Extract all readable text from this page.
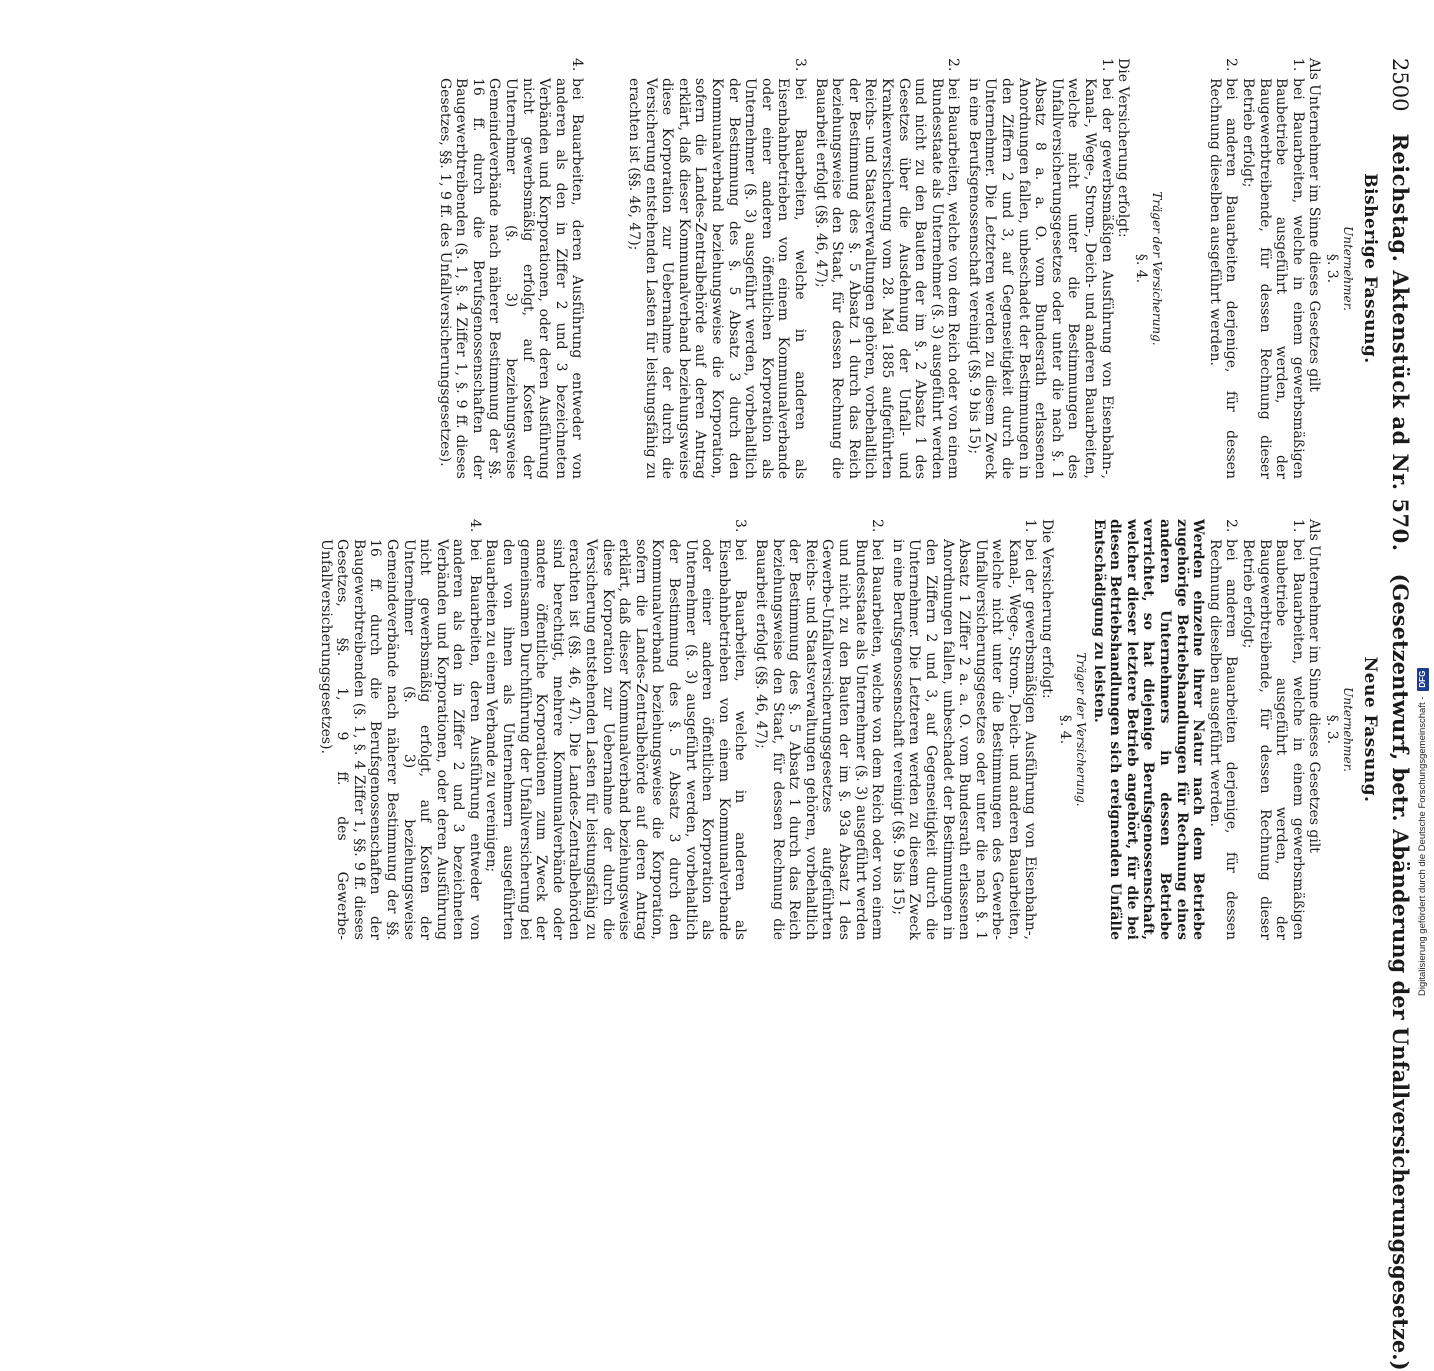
2500
Reichstag. Aktenstück ad Nr. 570.
(Gesetzentwurf, betr. Abänderung der Unfallversicherungsgesetze.)
Bisherige Fassung.
Unternehmer.
§. 3.

Als Unternehmer im Sinne dieses Gesetzes gilt

1.
bei Bauarbeiten, welche in einem gewerbsmäßigen Baubetriebe ausgeführt werden, der Baugewerbtreibende, für dessen Rechnung dieser Betrieb erfolgt;
2.
bei anderen Bauarbeiten derjenige, für dessen Rechnung dieselben ausgeführt werden.
Träger der Versicherung.
§. 4.

Die Versicherung erfolgt:

1.
bei der gewerbsmäßigen Ausführung von Eisenbahn-, Kanal-, Wege-, Strom-, Deich- und anderen Bauarbeiten, welche nicht unter die Bestimmungen des Unfallversicherungsgesetzes oder unter die nach §. 1 Absatz 8 a. a. O. vom Bundesrath erlassenen Anordnungen fallen, unbeschadet der Bestimmungen in den Ziffern 2 und 3, auf Gegenseitigkeit durch die Unternehmer. Die Letzteren werden zu diesem Zweck in eine Berufsgenossenschaft vereinigt (§§. 9 bis 15);
2.
bei Bauarbeiten, welche von dem Reich oder von einem Bundesstaate als Unternehmer (§. 3) ausgeführt werden und nicht zu den Bauten der im §. 2 Absatz 1 des Gesetzes über die Ausdehnung der Unfall- und Krankenversicherung vom 28. Mai 1885 aufgeführten Reichs- und Staatsverwaltungen gehören, vorbehaltlich der Bestimmung des §. 5 Absatz 1 durch das Reich beziehungsweise den Staat, für dessen Rechnung die Bauarbeit erfolgt (§§. 46, 47);
3.
bei Bauarbeiten, welche in anderen als Eisenbahnbetrieben von einem Kommunalverbande oder einer anderen öffentlichen Korporation als Unternehmer (§. 3) ausgeführt werden, vorbehaltlich der Bestimmung des §. 5 Absatz 3 durch den Kommunalverband beziehungsweise die Korporation, sofern die Landes-Zentralbehörde auf deren Antrag erklärt, daß dieser Kommunalverband beziehungsweise diese Korporation zur Uebernahme der durch die Versicherung entstehenden Lasten für leistungsfähig zu erachten ist (§§. 46, 47);
4.
bei Bauarbeiten, deren Ausführung entweder von anderen als den in Ziffer 2 und 3 bezeichneten Verbänden und Korporationen, oder deren Ausführung nicht gewerbsmäßig erfolgt, auf Kosten der Unternehmer (§. 3) beziehungsweise Gemeindeverbände nach näherer Bestimmung der §§. 16 ff. durch die Berufsgenossenschaften der Baugewerbtreibenden (§. 1, §. 4 Ziffer 1, §. 9 ff. dieses Gesetzes, §§. 1, 9 ff. des Unfallversicherungsgesetzes).
Neue Fassung.
Unternehmer.
§. 3.

Als Unternehmer im Sinne dieses Gesetzes gilt

1.
bei Bauarbeiten, welche in einem gewerbsmäßigen Baubetriebe ausgeführt werden, der Baugewerbtreibende, für dessen Rechnung dieser Betrieb erfolgt;
2.
bei anderen Bauarbeiten derjenige, für dessen Rechnung dieselben ausgeführt werden.

Werden einzelne ihrer Natur nach dem Betriebe zugehörige Betriebshandlungen für Rechnung eines anderen Unternehmers in dessen Betriebe verrichtet, so hat diejenige Berufsgenossenschaft, welcher dieser letztere Betrieb angehört, für die bei diesen Betriebshandlungen sich ereignenden Unfälle Entschädigung zu leisten.

Träger der Versicherung.
§. 4.

Die Versicherung erfolgt:

1.
bei der gewerbsmäßigen Ausführung von Eisenbahn-, Kanal-, Wege-, Strom-, Deich- und anderen Bauarbeiten, welche nicht unter die Bestimmungen des Gewerbe-Unfallversicherungsgesetzes oder unter die nach §. 1 Absatz 1 Ziffer 2 a. a. O. vom Bundesrath erlassenen Anordnungen fallen, unbeschadet der Bestimmungen in den Ziffern 2 und 3, auf Gegenseitigkeit durch die Unternehmer. Die Letzteren werden zu diesem Zweck in eine Berufsgenossenschaft vereinigt (§§. 9 bis 15);
2.
bei Bauarbeiten, welche von dem Reich oder von einem Bundesstaate als Unternehmer (§. 3) ausgeführt werden und nicht zu den Bauten der im §. 93a Absatz 1 des Gewerbe-Unfallversicherungsgesetzes aufgeführten Reichs- und Staatsverwaltungen gehören, vorbehaltlich der Bestimmung des §. 5 Absatz 1 durch das Reich beziehungsweise den Staat, für dessen Rechnung die Bauarbeit erfolgt (§§. 46, 47);
3.
bei Bauarbeiten, welche in anderen als Eisenbahnbetrieben von einem Kommunalverbande oder einer anderen öffentlichen Korporation als Unternehmer (§. 3) ausgeführt werden, vorbehaltlich der Bestimmung des §. 5 Absatz 3 durch den Kommunalverband beziehungsweise die Korporation, sofern die Landes-Zentralbehörde auf deren Antrag erklärt, daß dieser Kommunalverband beziehungsweise diese Korporation zur Uebernahme der durch die Versicherung entstehenden Lasten für leistungsfähig zu erachten ist (§§. 46, 47). Die Landes-Zentralbehörden sind berechtigt, mehrere Kommunalverbände oder andere öffentliche Korporationen zum Zweck der gemeinsamen Durchführung der Unfallversicherung bei den von ihnen als Unternehmern ausgeführten Bauarbeiten zu einem Verbande zu vereinigen;
4.
bei Bauarbeiten, deren Ausführung entweder von anderen als den in Ziffer 2 und 3 bezeichneten Verbänden und Korporationen, oder deren Ausführung nicht gewerbsmäßig erfolgt, auf Kosten der Unternehmer (§. 3) beziehungsweise Gemeindeverbände nach näherer Bestimmung der §§. 16 ff. durch die Berufsgenossenschaften der Baugewerbtreibenden (§. 1, §. 4 Ziffer 1, §§. 9 ff. dieses Gesetzes, §§. 1, 9 ff. des Gewerbe-Unfallversicherungsgesetzes).
Digitalisierung gefördert durch die Deutsche Forschungsgemeinschaft -DFG
